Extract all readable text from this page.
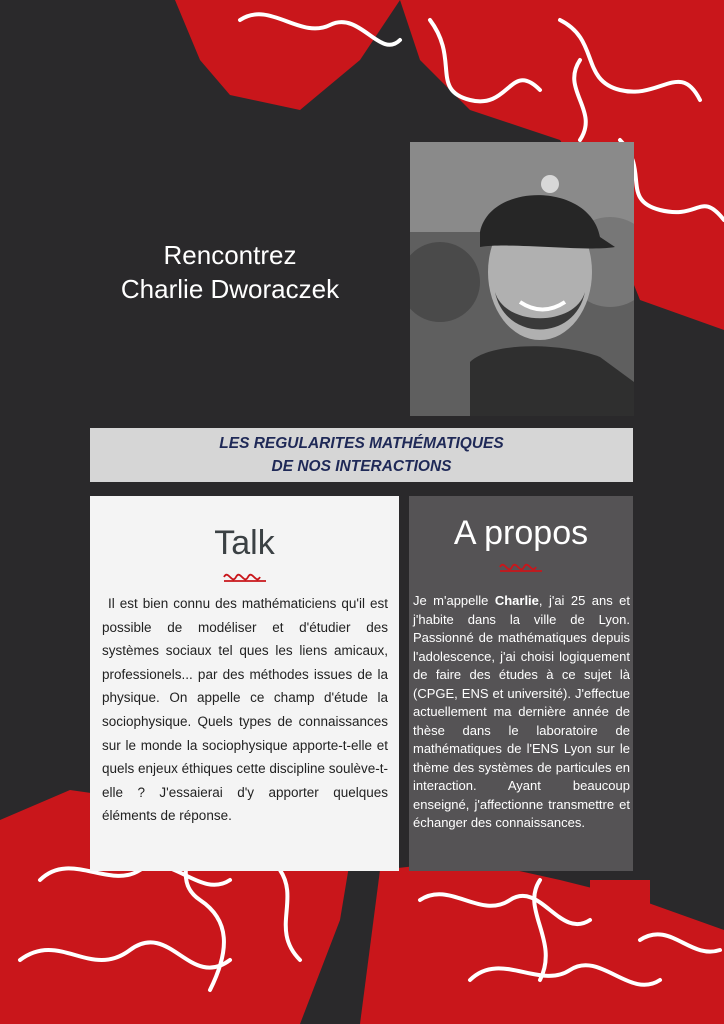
Rencontrez
Charlie Dworaczek
LES REGULARITES MATHÉMATIQUES
DE NOS INTERACTIONS
Talk
Il est bien connu des mathématiciens qu'il est possible de modéliser et d'étudier des systèmes sociaux tel ques les liens amicaux, professionels... par des méthodes issues de la physique. On appelle ce champ d'étude la sociophysique. Quels types de connaissances sur le monde la sociophysique apporte-t-elle et quels enjeux éthiques cette discipline soulève-t-elle ? J'essaierai d'y apporter quelques éléments de réponse.
A propos
Je m'appelle Charlie, j'ai 25 ans et j'habite dans la ville de Lyon. Passionné de mathématiques depuis l'adolescence, j'ai choisi logiquement de faire des études à ce sujet là (CPGE, ENS et université). J'effectue actuellement ma dernière année de thèse dans le laboratoire de mathématiques de l'ENS Lyon sur le thème des systèmes de particules en interaction. Ayant beaucoup enseigné, j'affectionne transmettre et échanger des connaissances.
